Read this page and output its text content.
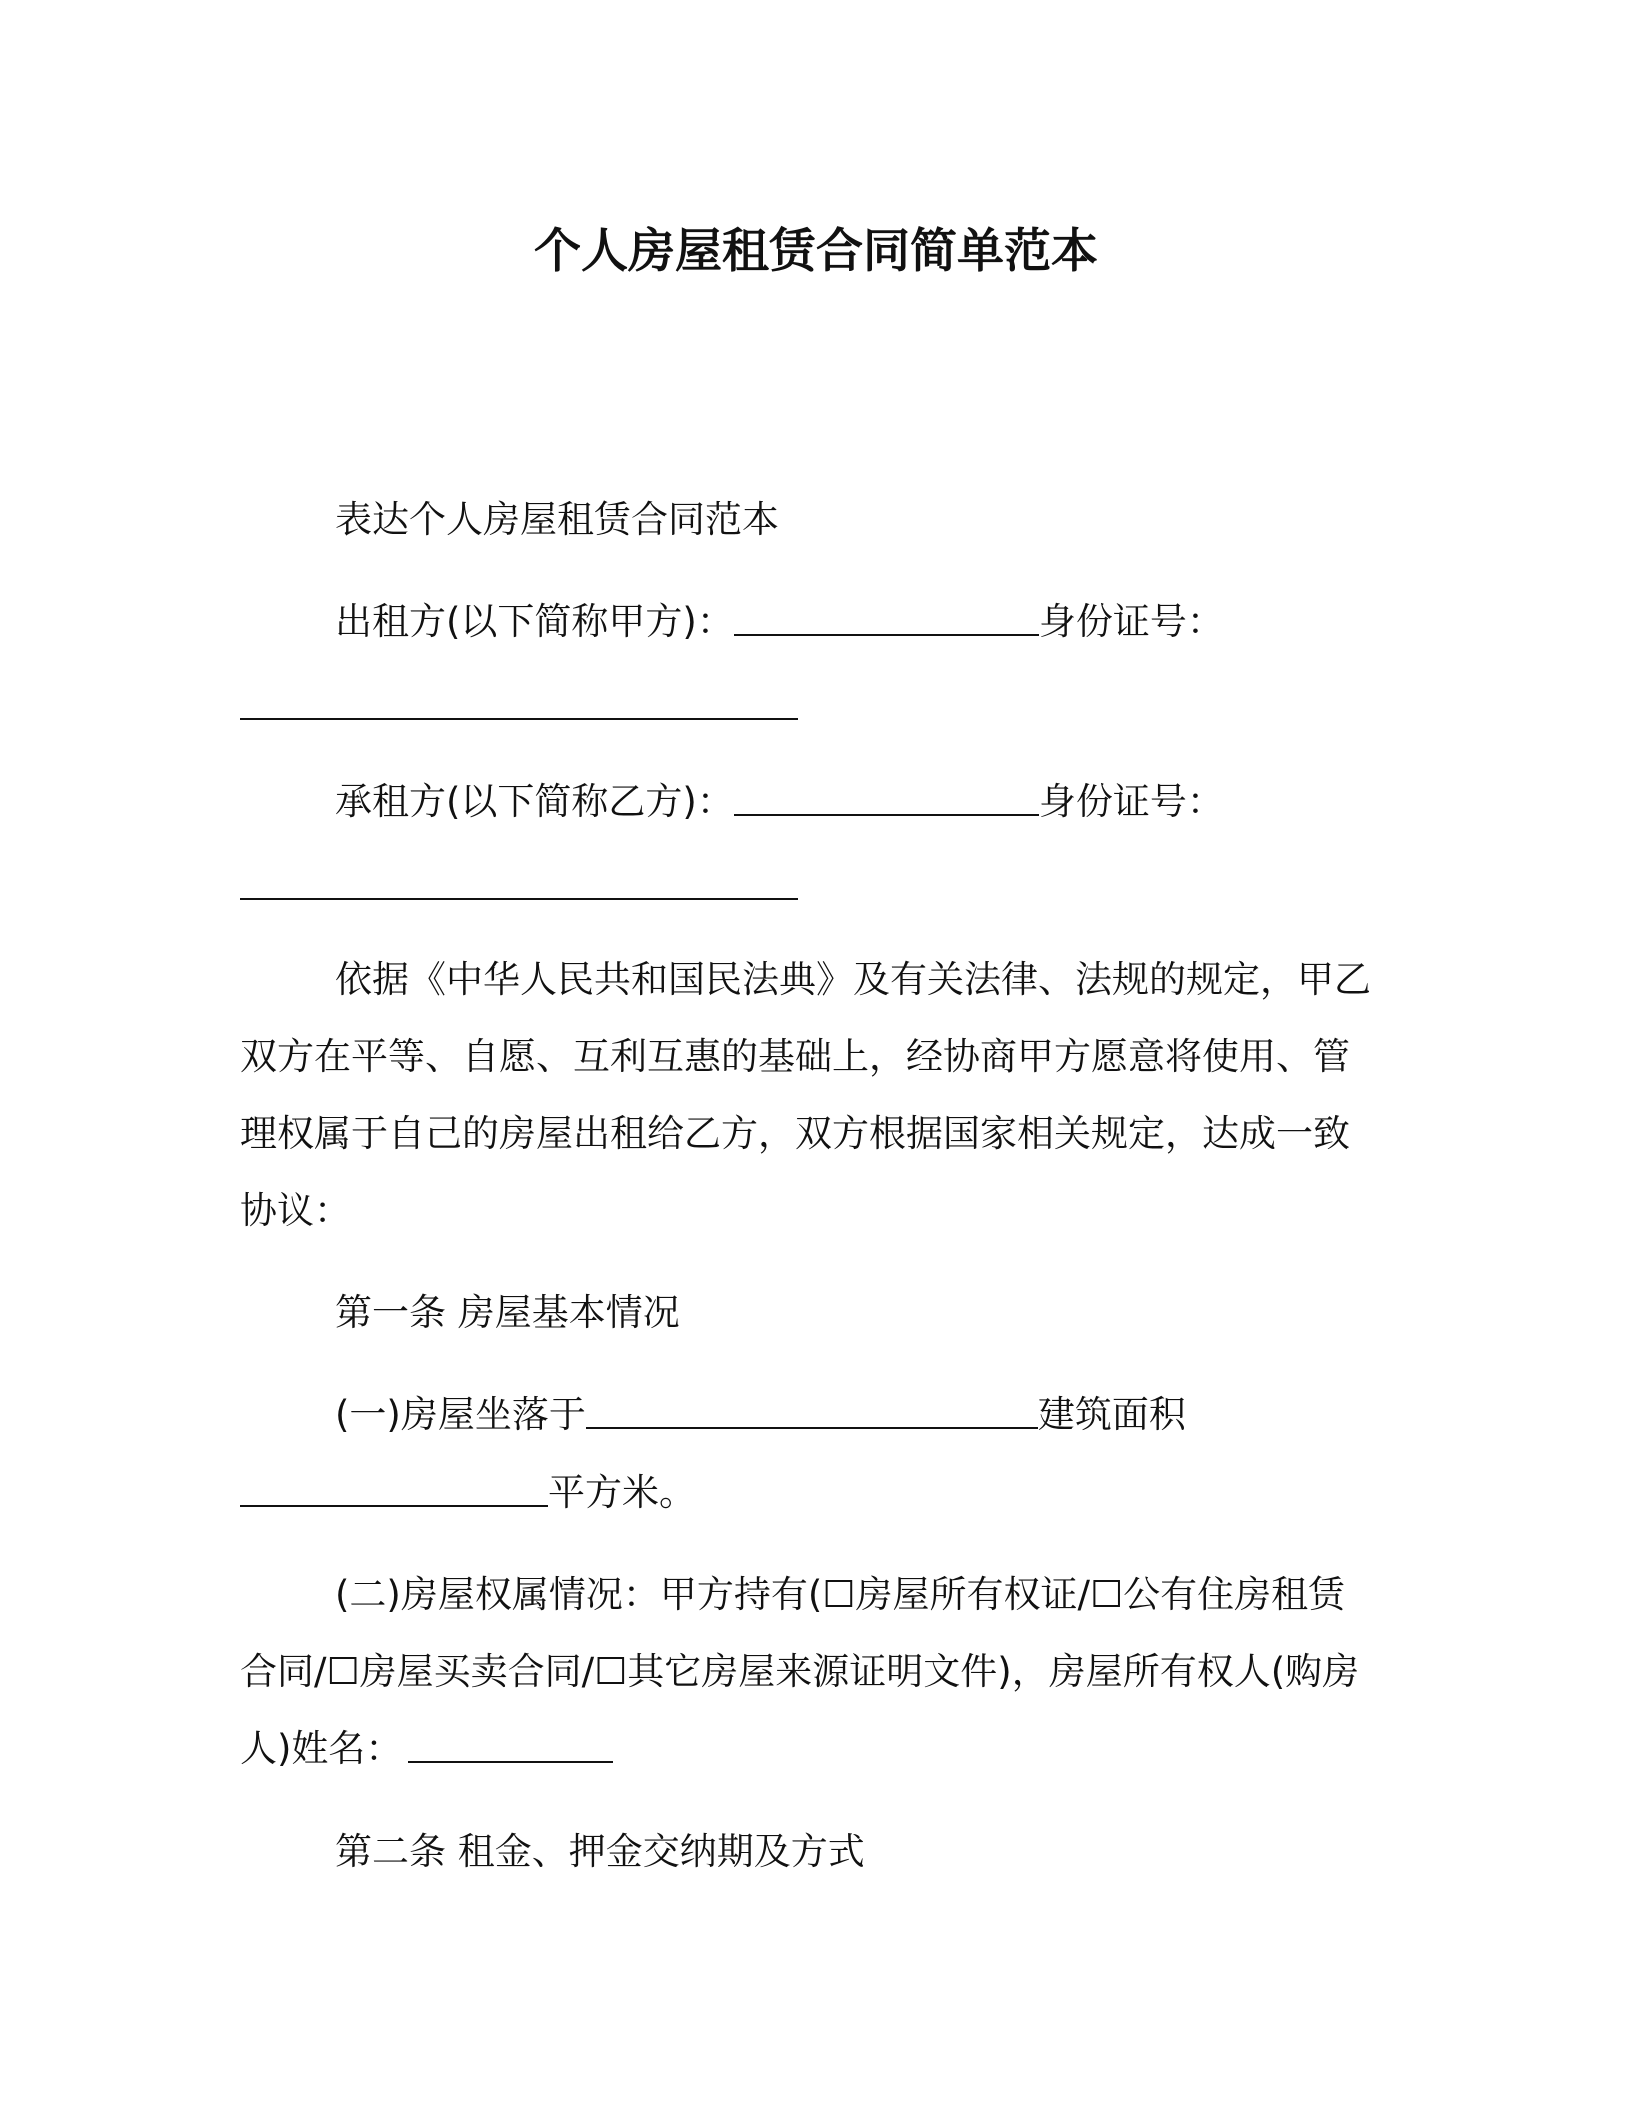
个人房屋租赁合同简单范本
表达个人房屋租赁合同范本
出租方(以下简称甲方)：	身份证号：
承租方(以下简称乙方)：	身份证号：
依据《中华人民共和国民法典》及有关法律、法规的规定，甲乙
双方在平等、自愿、互利互惠的基础上，经协商甲方愿意将使用、管
理权属于自己的房屋出租给乙方，双方根据国家相关规定，达成一致
协议：
第一条 房屋基本情况
(一)房屋坐落于	建筑面积
平方米。
(二)房屋权属情况：甲方持有(☐房屋所有权证/☐公有住房租赁
合同/☐房屋买卖合同/☐其它房屋来源证明文件)，房屋所有权人(购房
人)姓名：
第二条 租金、押金交纳期及方式
